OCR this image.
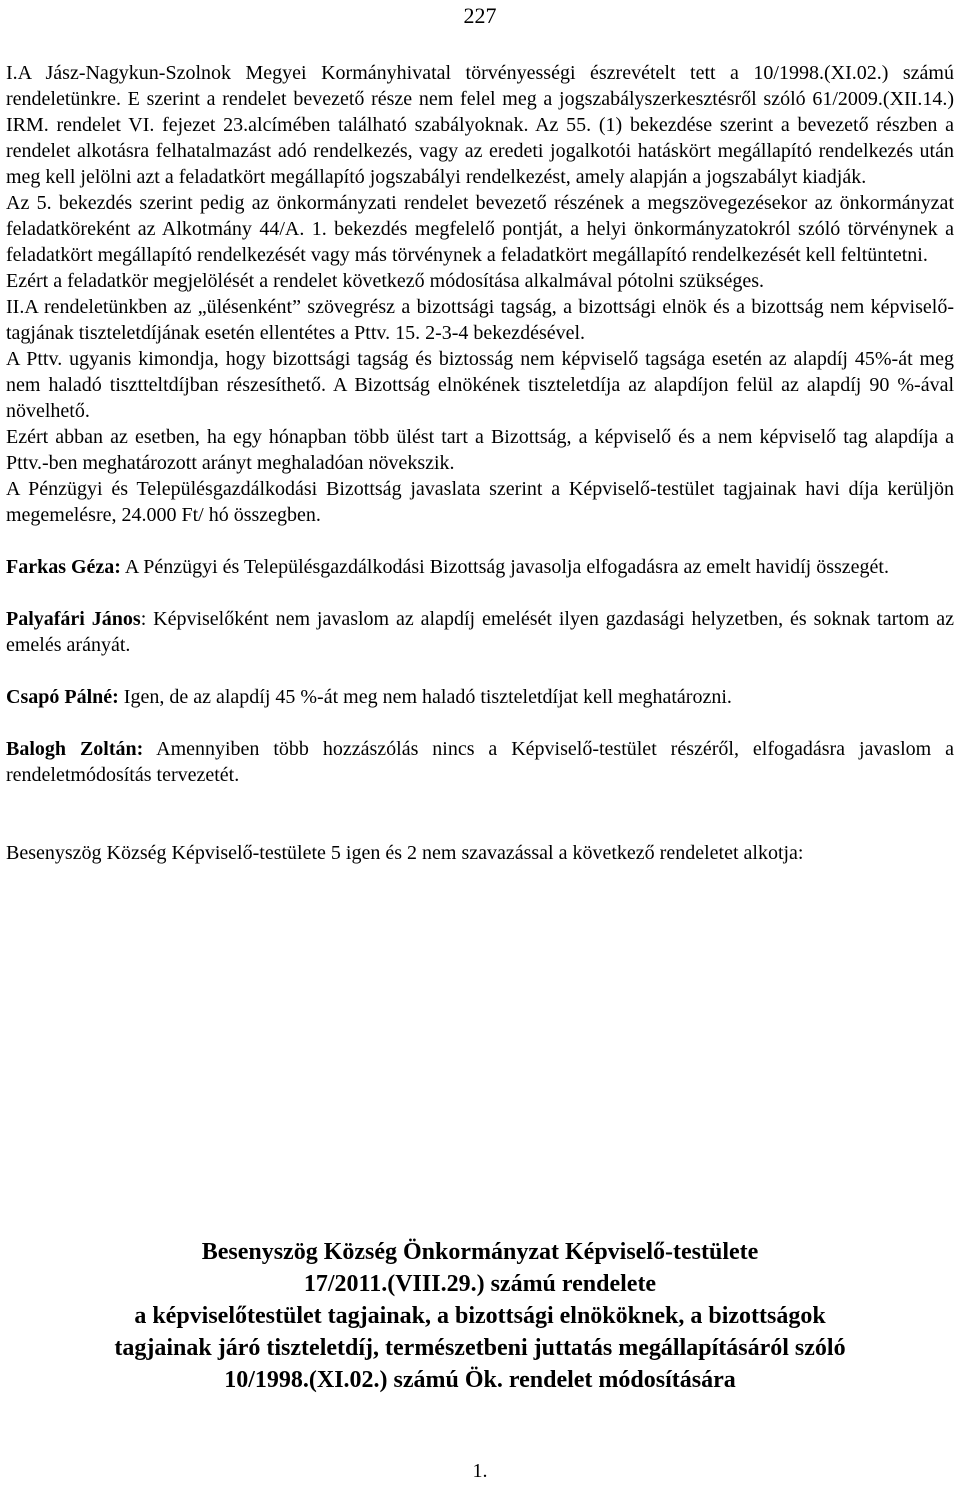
227

I.A Jász-Nagykun-Szolnok Megyei Kormányhivatal törvényességi észrevételt tett a 10/1998.(XI.02.) számú rendeletünkre. E szerint a rendelet bevezető része nem felel meg a jogszabályszerkesztésről szóló 61/2009.(XII.14.) IRM. rendelet VI. fejezet 23.alcímében található szabályoknak. Az 55. (1) bekezdése szerint a bevezető részben a rendelet alkotásra felhatalmazást adó rendelkezés, vagy az eredeti jogalkotói hatáskört megállapító rendelkezés után meg kell jelölni azt a feladatkört megállapító jogszabályi rendelkezést, amely alapján a jogszabályt kiadják.

Az 5. bekezdés szerint pedig az önkormányzati rendelet bevezető részének a megszövegezésekor az önkormányzat feladatköreként az Alkotmány 44/A. 1. bekezdés megfelelő pontját, a helyi önkormányzatokról szóló törvénynek a feladatkört megállapító rendelkezését vagy más törvénynek a feladatkört megállapító rendelkezését kell feltüntetni.

Ezért a feladatkör megjelölését a rendelet következő módosítása alkalmával pótolni szükséges.

II.A rendeletünkben az „ülésenként” szövegrész a bizottsági tagság, a bizottsági elnök és a bizottság nem képviselő-tagjának tiszteletdíjának esetén ellentétes a Pttv. 15. 2-3-4 bekezdésével.

A Pttv. ugyanis kimondja, hogy bizottsági tagság és biztosság nem képviselő tagsága esetén az alapdíj 45%-át meg nem haladó tisztteltdíjban részesíthető. A Bizottság elnökének tiszteletdíja az alapdíjon felül az alapdíj 90 %-ával növelhető.

Ezért abban az esetben, ha egy hónapban több ülést tart a Bizottság, a képviselő és a nem képviselő tag alapdíja a Pttv.-ben meghatározott arányt meghaladóan növekszik.

A Pénzügyi és Településgazdálkodási Bizottság javaslata szerint a Képviselő-testület tagjainak havi díja kerüljön megemelésre, 24.000 Ft/ hó összegben.

Farkas Géza: A Pénzügyi és Településgazdálkodási Bizottság javasolja elfogadásra az emelt havidíj összegét.

Palyafári János: Képviselőként nem javaslom az alapdíj emelését ilyen gazdasági helyzetben, és soknak tartom az emelés arányát.

Csapó Pálné: Igen, de az alapdíj 45 %-át meg nem haladó tiszteletdíjat kell meghatározni.

Balogh Zoltán: Amennyiben több hozzászólás nincs a Képviselő-testület részéről, elfogadásra javaslom a rendeletmódosítás tervezetét.

Besenyszög Község Képviselő-testülete 5 igen és 2 nem szavazással a következő rendeletet alkotja:

Besenyszög Község Önkormányzat Képviselő-testülete
17/2011.(VIII.29.) számú rendelete
a képviselőtestület tagjainak, a bizottsági elnököknek, a bizottságok
tagjainak járó tiszteletdíj, természetbeni juttatás megállapításáról szóló
10/1998.(XI.02.) számú Ök. rendelet módosítására
1.
